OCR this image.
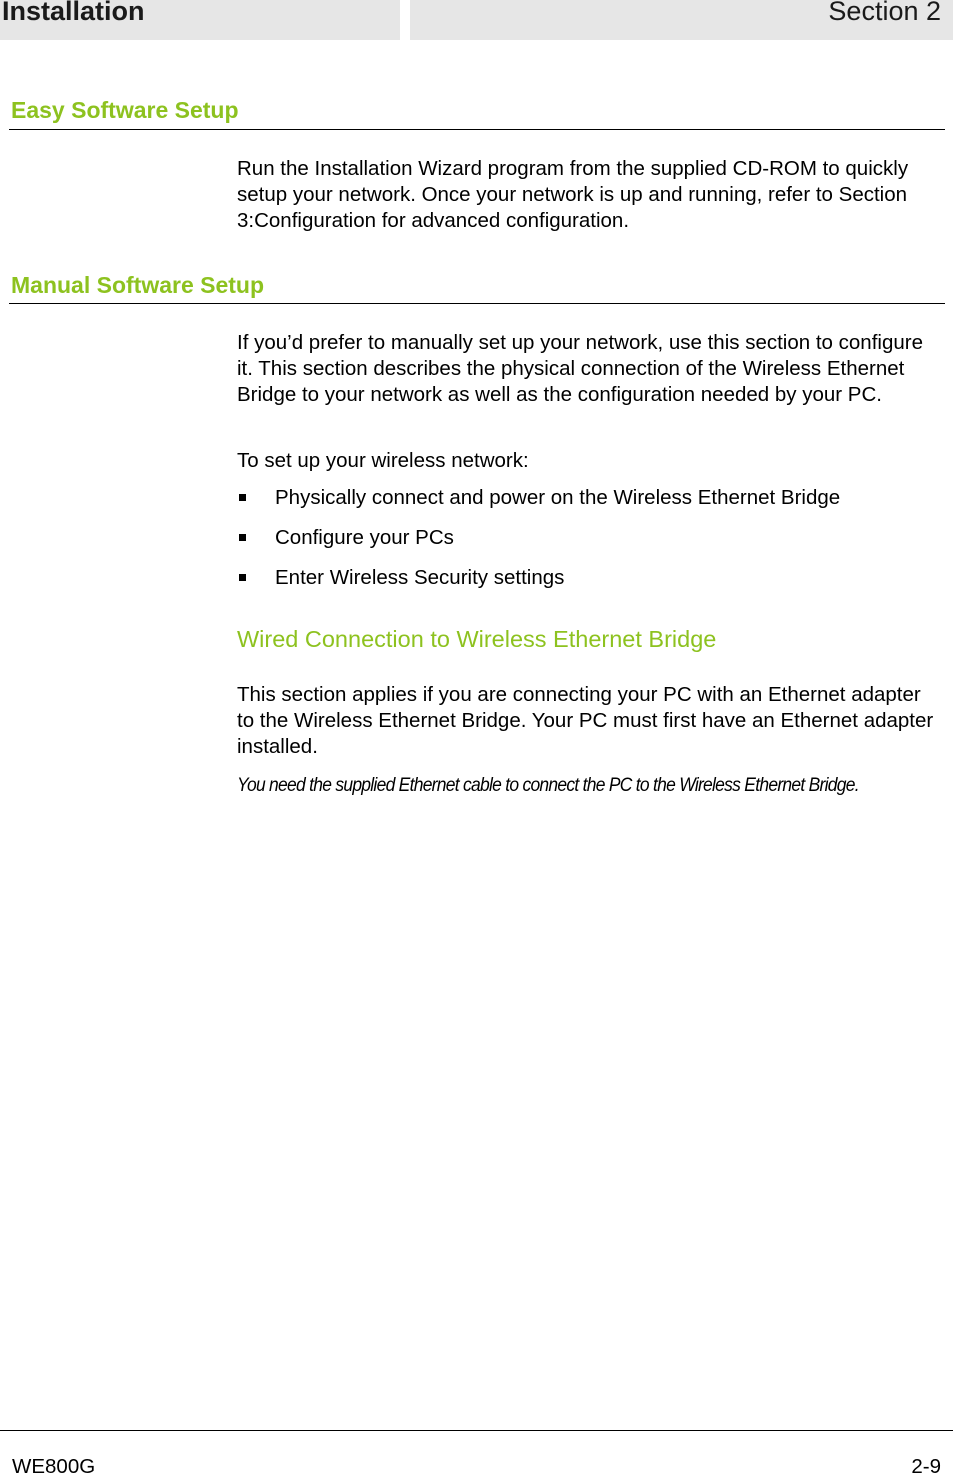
Installation	Section 2
Easy Software Setup

Run the Installation Wizard program from the supplied CD-ROM to quickly setup your network. Once your network is up and running, refer to Section 3:Configuration for advanced configuration.

Manual Software Setup

If you’d prefer to manually set up your network, use this section to configure it. This section describes the physical connection of the Wireless Ethernet Bridge to your network as well as the configuration needed by your PC.

To set up your wireless network:

Physically connect and power on the Wireless Ethernet Bridge
Configure your PCs
Enter Wireless Security settings
Wired Connection to Wireless Ethernet Bridge

This section applies if you are connecting your PC with an Ethernet adapter to the Wireless Ethernet Bridge. Your PC must first have an Ethernet adapter installed.

You need the supplied Ethernet cable to connect the PC to the Wireless Ethernet Bridge.

WE800G	2-9
